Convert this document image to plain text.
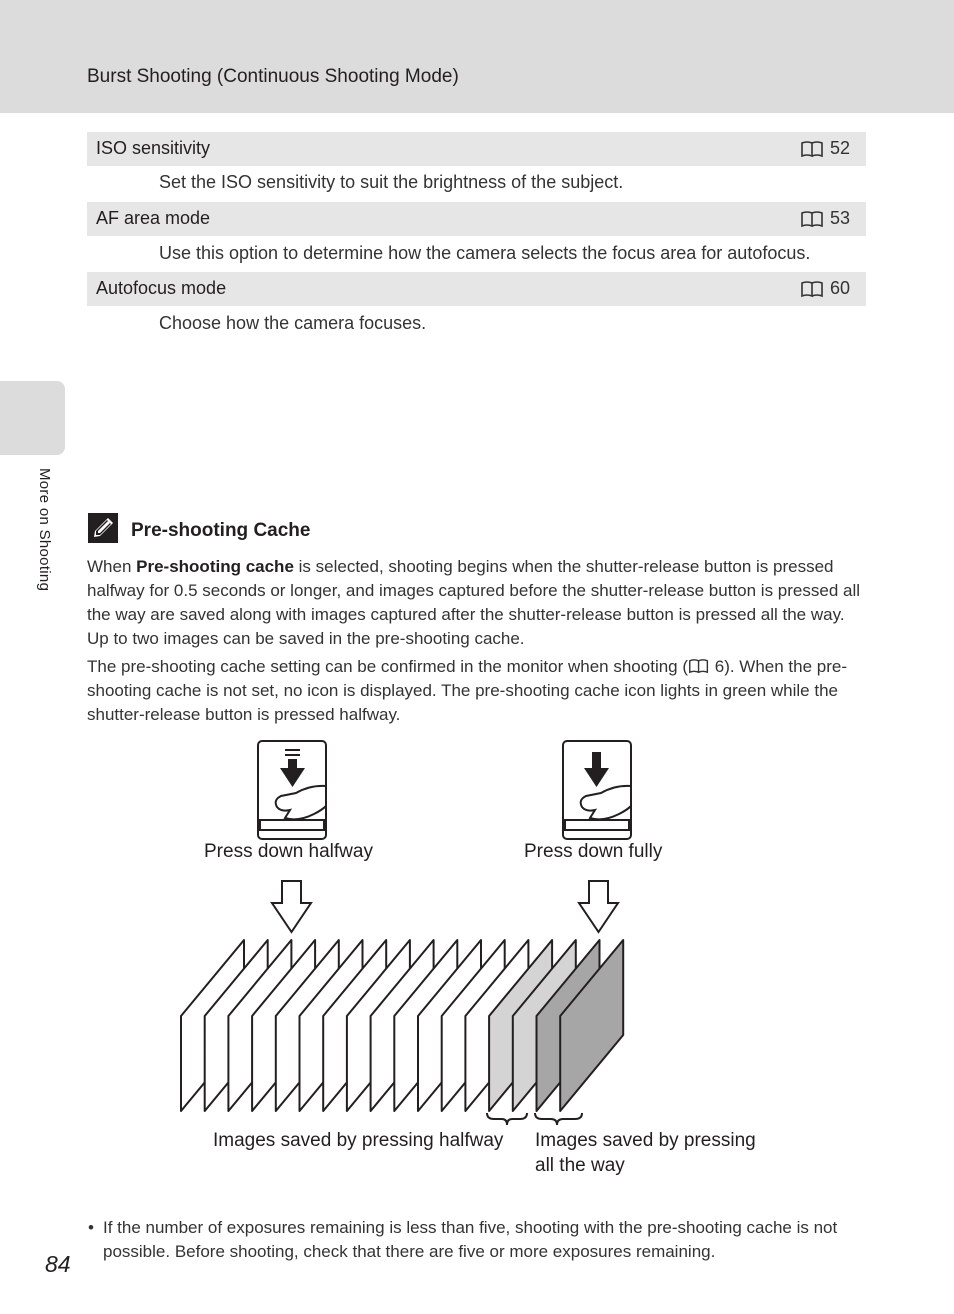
Burst Shooting (Continuous Shooting Mode)
More on Shooting
ISO sensitivity	52
Set the ISO sensitivity to suit the brightness of the subject.
AF area mode	53
Use this option to determine how the camera selects the focus area for autofocus.
Autofocus mode	60
Choose how the camera focuses.
Pre-shooting Cache

When Pre-shooting cache is selected, shooting begins when the shutter-release button is pressed halfway for 0.5 seconds or longer, and images captured before the shutter-release button is pressed all the way are saved along with images captured after the shutter-release button is pressed all the way. Up to two images can be saved in the pre-shooting cache.

The pre-shooting cache setting can be confirmed in the monitor when shooting (
6). When the pre-shooting cache is not set, no icon is displayed. The pre-shooting cache icon lights in green while the shutter-release button is pressed halfway.

Press down halfway	Press down fully
Images saved by pressing halfway Images saved by pressing
all the way
• If the number of exposures remaining is less than five, shooting with the pre-shooting cache is not possible. Before shooting, check that there are five or more exposures remaining.
84
